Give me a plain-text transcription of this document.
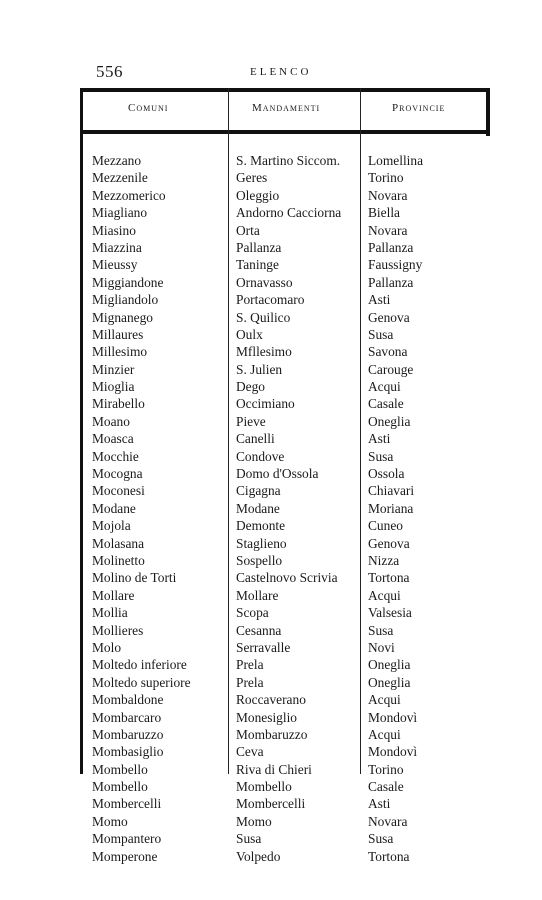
556	ELENCO
Comuni	Mandamenti	Provincie
Mezzano	S. Martino Siccom.	Lomellina
Mezzenile	Geres	Torino
Mezzomerico	Oleggio	Novara
Miagliano	Andorno Cacciorna	Biella
Miasino	Orta	Novara
Miazzina	Pallanza	Pallanza
Mieussy	Taninge	Faussigny
Miggiandone	Ornavasso	Pallanza
Migliandolo	Portacomaro	Asti
Mignanego	S. Quilico	Genova
Millaures	Oulx	Susa
Millesimo	Mfllesimo	Savona
Minzier	S. Julien	Carouge
Mioglia	Dego	Acqui
Mirabello	Occimiano	Casale
Moano	Pieve	Oneglia
Moasca	Canelli	Asti
Mocchie	Condove	Susa
Mocogna	Domo d'Ossola	Ossola
Moconesi	Cigagna	Chiavari
Modane	Modane	Moriana
Mojola	Demonte	Cuneo
Molasana	Staglieno	Genova
Molinetto	Sospello	Nizza
Molino de Torti	Castelnovo Scrivia	Tortona
Mollare	Mollare	Acqui
Mollia	Scopa	Valsesia
Mollieres	Cesanna	Susa
Molo	Serravalle	Novi
Moltedo inferiore	Prela	Oneglia
Moltedo superiore	Prela	Oneglia
Mombaldone	Roccaverano	Acqui
Mombarcaro	Monesiglio	Mondovì
Mombaruzzo	Mombaruzzo	Acqui
Mombasiglio	Ceva	Mondovì
Mombello	Riva di Chieri	Torino
Mombello	Mombello	Casale
Mombercelli	Mombercelli	Asti
Momo	Momo	Novara
Mompantero	Susa	Susa
Momperone	Volpedo	Tortona
